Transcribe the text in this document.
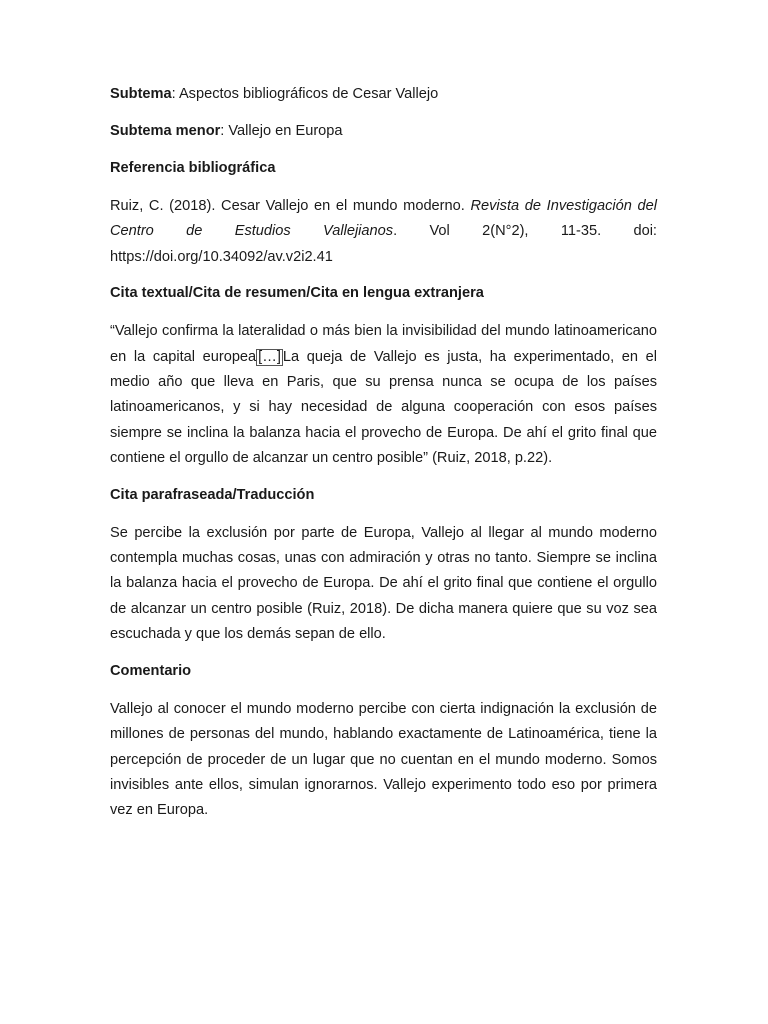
Subtema: Aspectos bibliográficos de Cesar Vallejo

Subtema menor: Vallejo en Europa

Referencia bibliográfica

Ruiz, C. (2018). Cesar Vallejo en el mundo moderno. Revista de Investigación del Centro de Estudios Vallejianos. Vol 2(N°2), 11-35. doi: https://doi.org/10.34092/av.v2i2.41

Cita textual/Cita de resumen/Cita en lengua extranjera

“Vallejo confirma la lateralidad o más bien la invisibilidad del mundo latinoamericano en la capital europea […] La queja de Vallejo es justa, ha experimentado, en el medio año que lleva en Paris, que su prensa nunca se ocupa de los países latinoamericanos, y si hay necesidad de alguna cooperación con esos países siempre se inclina la balanza hacia el provecho de Europa. De ahí el grito final que contiene el orgullo de alcanzar un centro posible” (Ruiz, 2018, p.22).

Cita parafraseada/Traducción

Se percibe la exclusión por parte de Europa, Vallejo al llegar al mundo moderno contempla muchas cosas, unas con admiración y otras no tanto. Siempre se inclina la balanza hacia el provecho de Europa. De ahí el grito final que contiene el orgullo de alcanzar un centro posible (Ruiz, 2018). De dicha manera quiere que su voz sea escuchada y que los demás sepan de ello.

Comentario

Vallejo al conocer el mundo moderno percibe con cierta indignación la exclusión de millones de personas del mundo, hablando exactamente de Latinoamérica, tiene la percepción de proceder de un lugar que no cuentan en el mundo moderno. Somos invisibles ante ellos, simulan ignorarnos. Vallejo experimento todo eso por primera vez en Europa.
